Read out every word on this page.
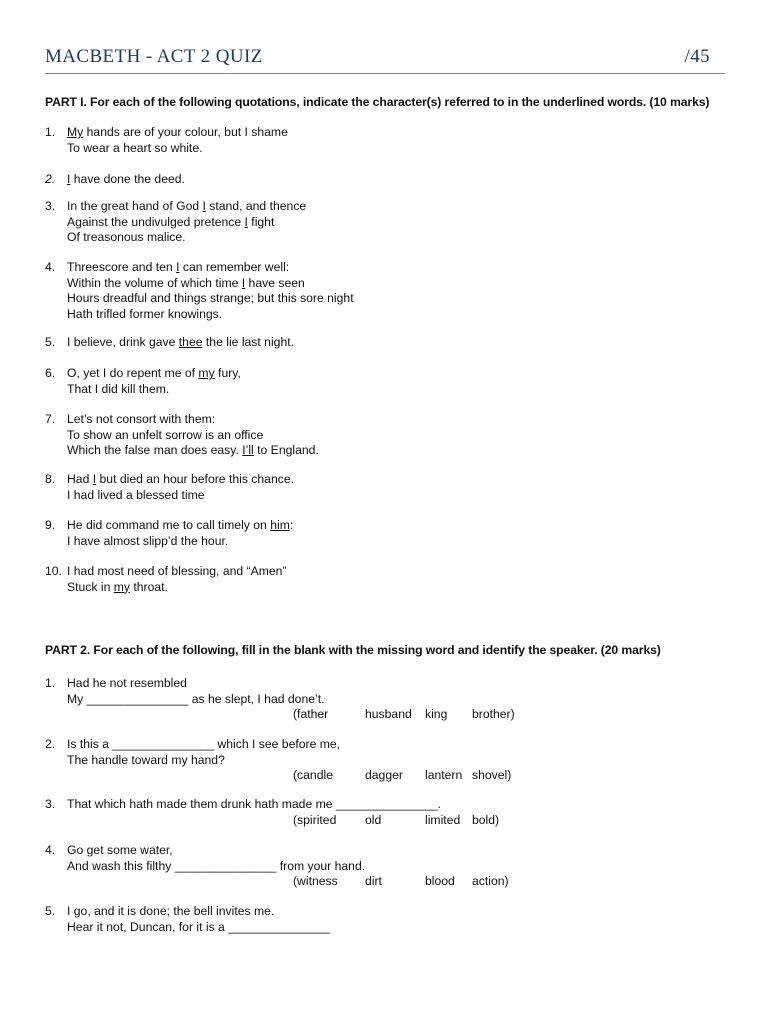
MACBETH - ACT 2 QUIZ	/45
PART I. For each of the following quotations, indicate the character(s) referred to in the underlined words. (10 marks)
1. My hands are of your colour, but I shame
To wear a heart so white.
2. I have done the deed.
3. In the great hand of God I stand, and thence
Against the undivulged pretence I fight
Of treasonous malice.
4. Threescore and ten I can remember well:
Within the volume of which time I have seen
Hours dreadful and things strange; but this sore night
Hath trifled former knowings.
5. I believe, drink gave thee the lie last night.
6. O, yet I do repent me of my fury,
That I did kill them.
7. Let’s not consort with them:
To show an unfelt sorrow is an office
Which the false man does easy. I’ll to England.
8. Had I but died an hour before this chance.
I had lived a blessed time
9. He did command me to call timely on him:
I have almost slipp’d the hour.
10. I had most need of blessing, and “Amen”
Stuck in my throat.
PART 2. For each of the following, fill in the blank with the missing word and identify the speaker. (20 marks)
1. Had he not resembled
My _______________ as he slept, I had done’t.
(father	husband	king	brother)
2. Is this a _______________ which I see before me,
The handle toward my hand?
(candle	dagger	lantern shovel)
3. That which hath made them drunk hath made me _______________.
(spirited	old	limited bold)
4. Go get some water,
And wash this filthy _______________ from your hand.
(witness	dirt	blood	action)
5. I go, and it is done; the bell invites me.
Hear it not, Duncan, for it is a _______________
